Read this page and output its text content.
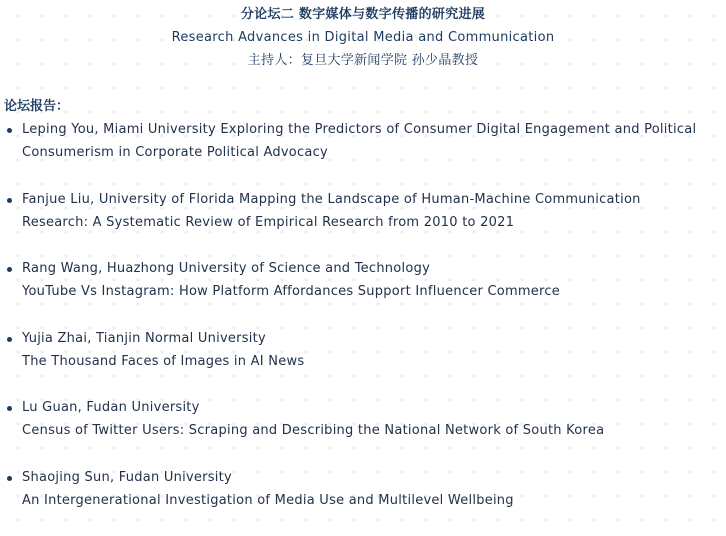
分论坛二 数字媒体与数字传播的研究进展
Research Advances in Digital Media and Communication
主持人：复旦大学新闻学院 孙少晶教授
论坛报告：
Leping You, Miami University Exploring the Predictors of Consumer Digital Engagement and Political
Consumerism in Corporate Political Advocacy
Fanjue Liu, University of Florida Mapping the Landscape of Human-Machine Communication
Research: A Systematic Review of Empirical Research from 2010 to 2021
Rang Wang, Huazhong University of Science and Technology
YouTube Vs Instagram: How Platform Affordances Support Influencer Commerce
Yujia Zhai, Tianjin Normal University
The Thousand Faces of Images in AI News
Lu Guan, Fudan University
Census of Twitter Users: Scraping and Describing the National Network of South Korea
Shaojing Sun, Fudan University
An Intergenerational Investigation of Media Use and Multilevel Wellbeing
